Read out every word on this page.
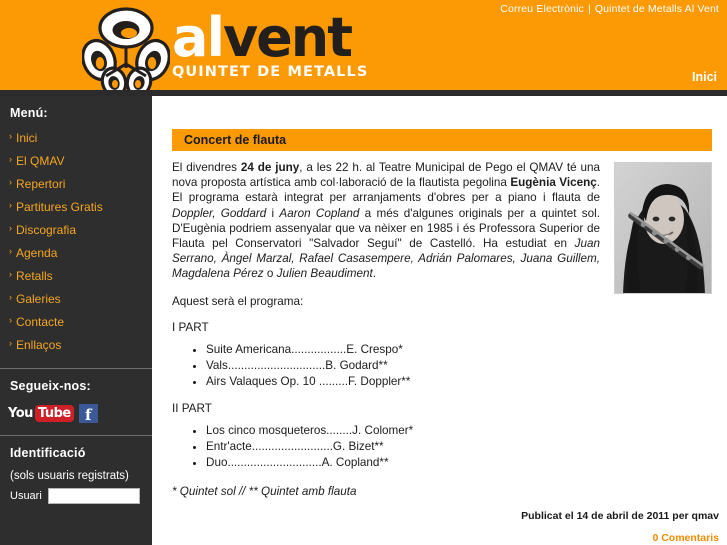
Correu Electrònic | Quintet de Metalls Al Vent
alvent
QUINTET DE METALLS	Inici
Menú:
› Inici
› El QMAV
› Repertori
› Partitures Gratis
› Discografia
› Agenda
› Retalls
› Galeries
› Contacte
› Enllaços
Segueix-nos:
You Tube f
Identificació
(sols usuaris registrats)
Usuari
Concert de flauta
El divendres 24 de juny, a les 22 h. al Teatre Municipal de Pego el QMAV té una nova proposta artística amb col·laboració de la flautista pegolina Eugènia Vicenç. El programa estarà integrat per arranjaments d'obres per a piano i flauta de Doppler, Goddard i Aaron Copland a més d'algunes originals per a quintet sol. D'Eugènia podriem assenyalar que va nèixer en 1985 i és Professora Superior de Flauta pel Conservatori "Salvador Seguí" de Castelló. Ha estudiat en Juan Serrano, Àngel Marzal, Rafael Casasempere, Adrián Palomares, Juana Guillem, Magdalena Pérez o Julien Beaudiment.
Aquest serà el programa:
I PART
• Suite Americana.................E. Crespo*
• Vals..............................B. Godard**
• Airs Valaques Op. 10 .........F. Doppler**
II PART
• Los cinco mosqueteros........J. Colomer*
• Entr'acte.........................G. Bizet**
• Duo.............................A. Copland**
* Quintet sol // ** Quintet amb flauta
Publicat el 14 de abril de 2011 per qmav
0 Comentaris
